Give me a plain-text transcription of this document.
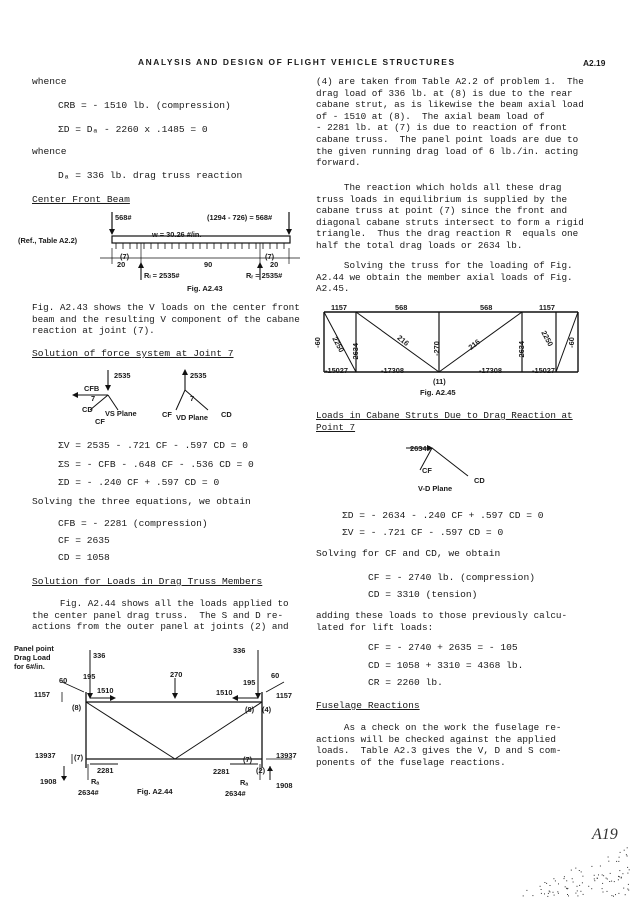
ANALYSIS AND DESIGN OF FLIGHT VEHICLE STRUCTURES	A2.19
whence
CRB = - 1510 lb. (compression)
ΣD = Dₐ - 2260 x .1485 = 0
whence
Dₐ = 336 lb. drag truss reaction
Center Front Beam
568#	(1294 - 726) = 568#
w = 30.26 #/in.
(Ref., Table A2.2)
(7)	(7)
20	90	20
Rₗ = 2535#	Rᵣ = 2535#
Fig. A2.43
Fig. A2.43 shows the V loads on the center front
beam and the resulting V component of the cabane
reaction at joint (7).
Solution of force system at Joint 7
2535	2535
CFB
7	7
CD VS Plane	CF VD Plane CD
CF
ΣV = 2535 - .721 CF - .597 CD = 0
ΣS = - CFB - .648 CF - .536 CD = 0
ΣD = - .240 CF + .597 CD = 0
Solving the three equations, we obtain
CFB = - 2281 (compression)
CF = 2635
CD = 1058
Solution for Loads in Drag Truss Members
Fig. A2.44 shows all the loads applied to
the center panel drag truss.  The S and D re-
actions from the outer panel at joints (2) and
Panel point
Drag Load
for 6#/in.
336
336
270
60
60
195
195
1510	1510
1157	1157
(8)	(8) (4)
13937	13937
(7)	(7)
2281	2281	(2)
1908	1908
Rₐ	Rₐ
2634#	2634#
Fig. A2.44
(4) are taken from Table A2.2 of problem 1.  The
drag load of 336 lb. at (8) is due to the rear
cabane strut, as is likewise the beam axial load
of - 1510 at (8).  The axial beam load of
- 2281 lb. at (7) is due to reaction of front
cabane truss.  The panel point loads are due to
the given running drag load of 6 lb./in. acting
forward.
The reaction which holds all these drag
truss loads in equilibrium is supplied by the
cabane truss at point (7) since the front and
diagonal cabane struts intersect to form a rigid
triangle.  Thus the drag reaction R  equals one
half the total drag loads or 2634 lb.
Solving the truss for the loading of Fig.
A2.44 we obtain the member axial loads of Fig.
A2.45.
1157	568	568	1157
-60 2250 -2634
216
-270	216	-2634
2250 -60
-15027	-17308	-17308	-15027
(11)
Fig. A2.45
Loads in Cabane Struts Due to Drag Reaction at
Point 7
2634#
CF
CD
V-D Plane
ΣD = - 2634 - .240 CF + .597 CD = 0
ΣV = - .721 CF - .597 CD = 0
Solving for CF and CD, we obtain
CF = - 2740 lb. (compression)
CD = 3310 (tension)
adding these loads to those previously calcu-
lated for lift loads:
CF = - 2740 + 2635 = - 105
CD = 1058 + 3310 = 4368 lb.
CR = 2260 lb.
Fuselage Reactions
As a check on the work the fuselage re-
actions will be checked against the applied
loads.  Table A2.3 gives the V, D and S com-
ponents of the fuselage reactions.
A19
